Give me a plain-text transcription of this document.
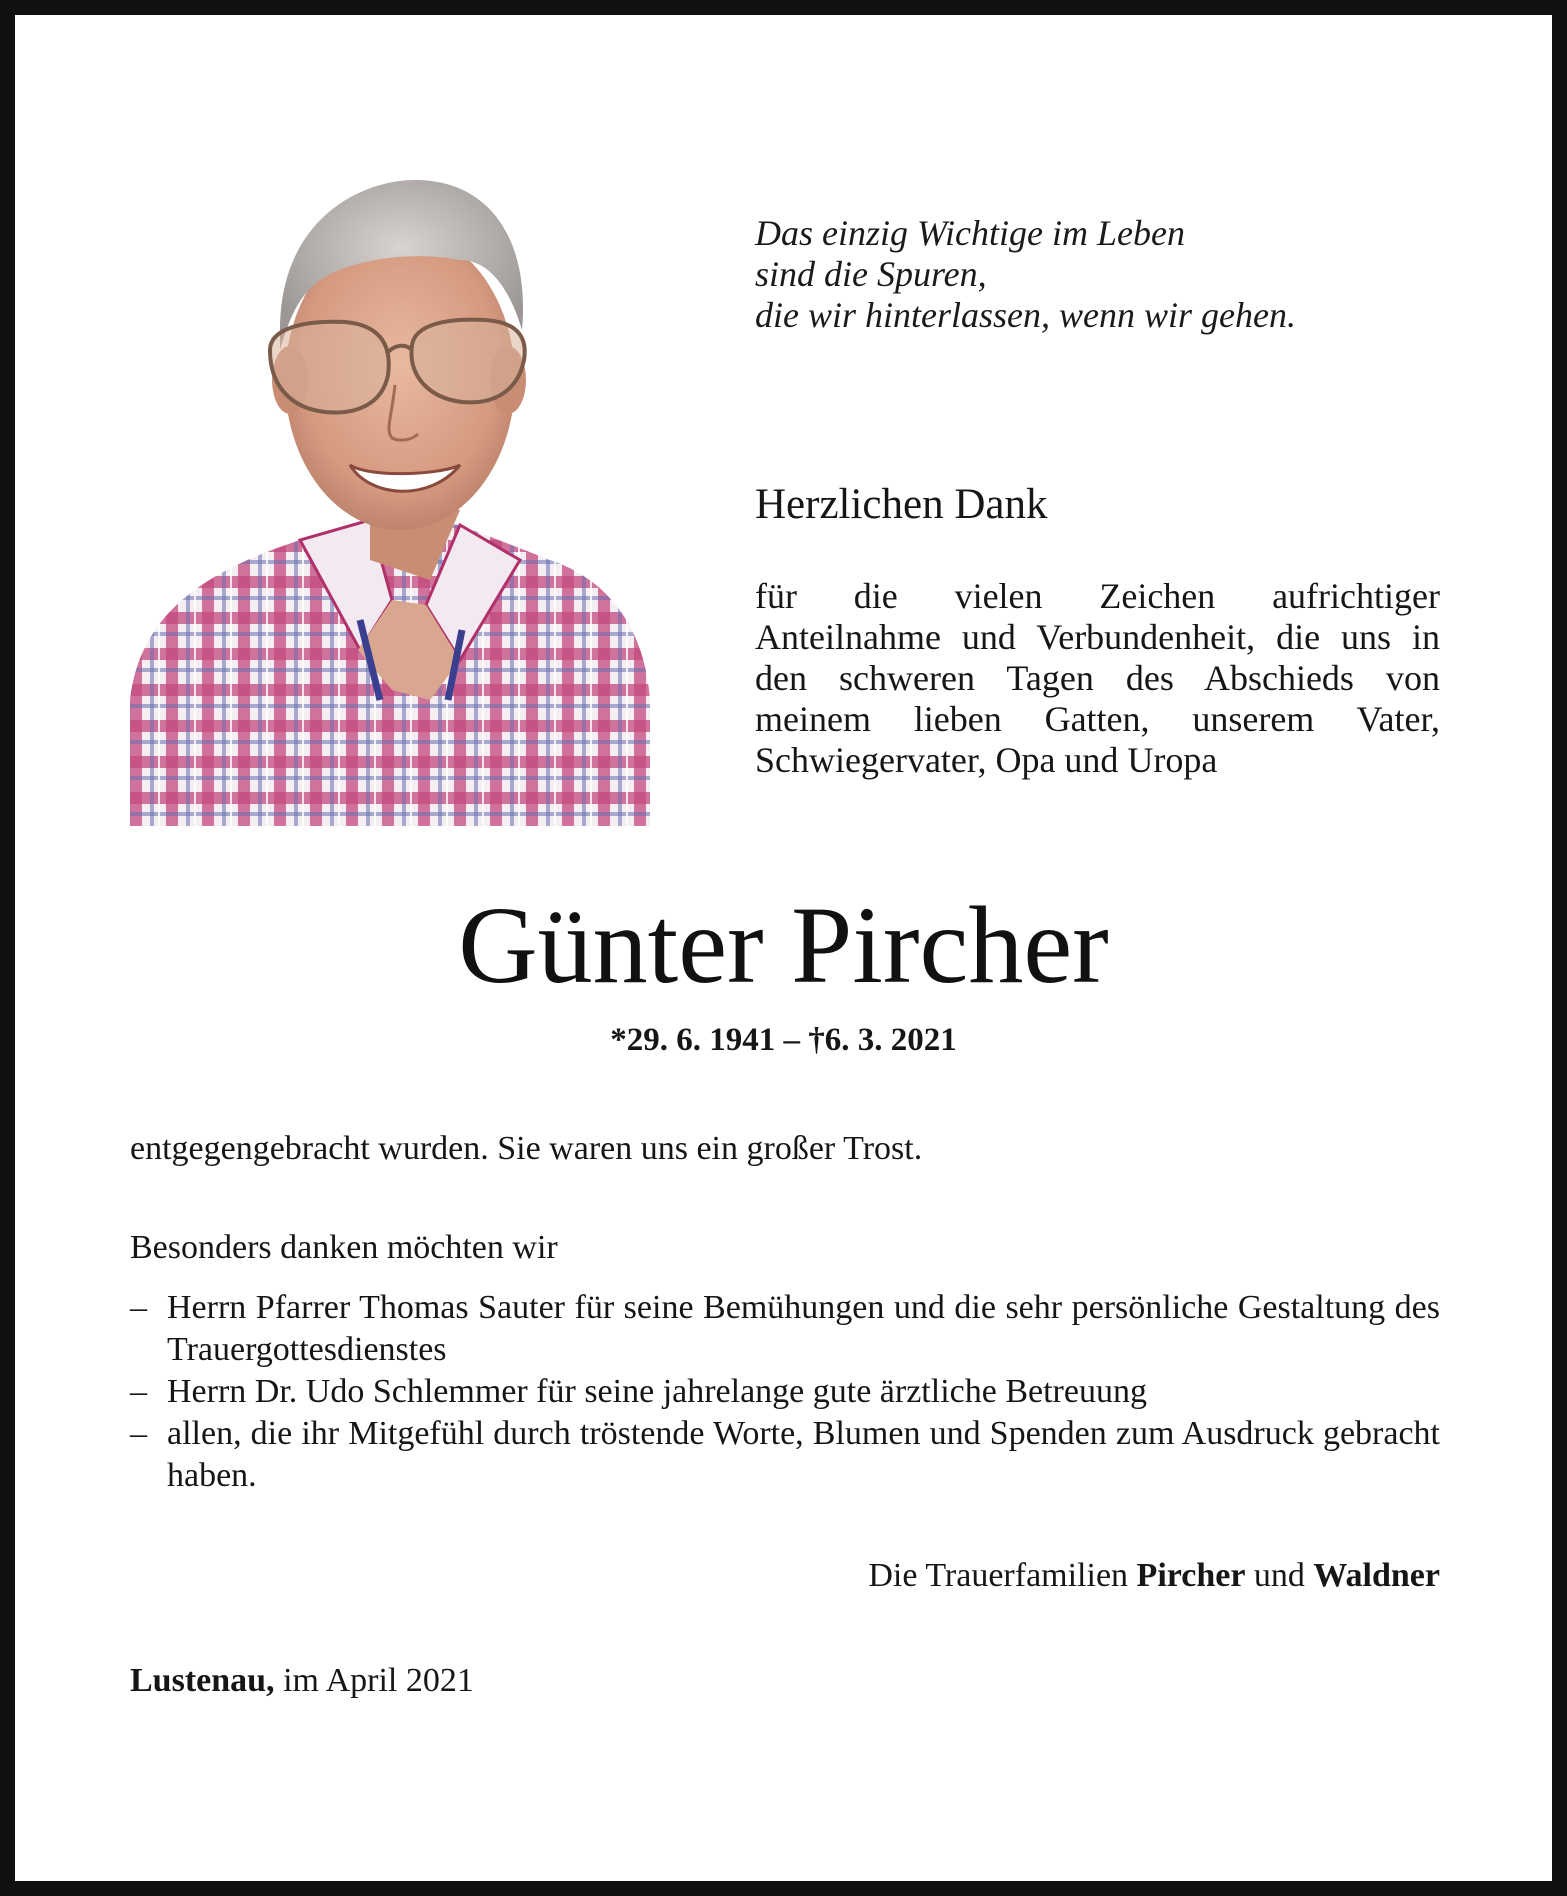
Das einzig Wichtige im Leben
sind die Spuren,
die wir hinterlassen, wenn wir gehen.
Herzlichen Dank
für die vielen Zeichen aufrichtiger Anteilnahme und Verbundenheit, die uns in den schweren Tagen des Abschieds von meinem lieben Gatten, unserem Vater, Schwiegervater, Opa und Uropa
Günter Pircher
*29. 6. 1941 – †6. 3. 2021
entgegengebracht wurden. Sie waren uns ein großer Trost.
Besonders danken möchten wir
– Herrn Pfarrer Thomas Sauter für seine Bemühungen und die sehr persönliche Gestaltung des Trauergottesdienstes
– Herrn Dr. Udo Schlemmer für seine jahrelange gute ärztliche Betreuung
– allen, die ihr Mitgefühl durch tröstende Worte, Blumen und Spenden zum Ausdruck gebracht haben.
Die Trauerfamilien Pircher und Waldner
Lustenau, im April 2021
